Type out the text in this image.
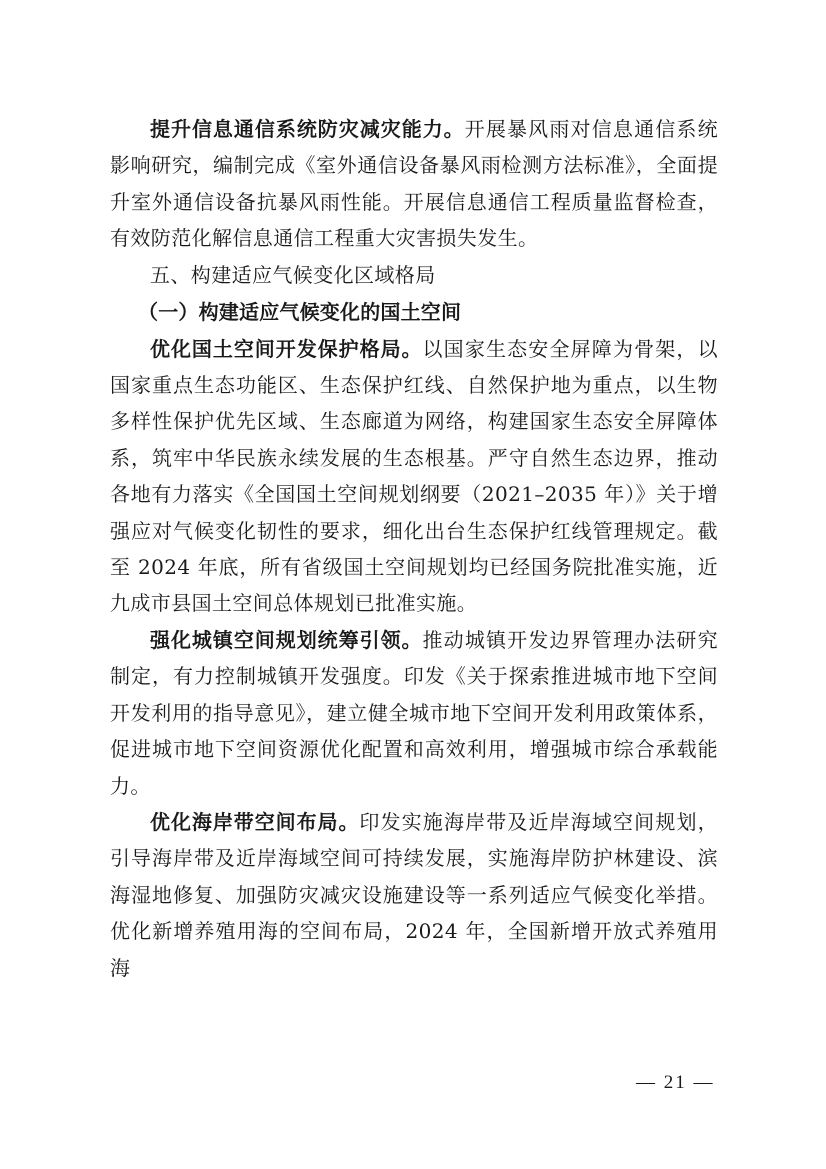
提升信息通信系统防灾减灾能力。开展暴风雨对信息通信系统影响研究，编制完成《室外通信设备暴风雨检测方法标准》，全面提升室外通信设备抗暴风雨性能。开展信息通信工程质量监督检查，有效防范化解信息通信工程重大灾害损失发生。

五、构建适应气候变化区域格局

（一）构建适应气候变化的国土空间

优化国土空间开发保护格局。以国家生态安全屏障为骨架，以国家重点生态功能区、生态保护红线、自然保护地为重点，以生物多样性保护优先区域、生态廊道为网络，构建国家生态安全屏障体系，筑牢中华民族永续发展的生态根基。严守自然生态边界，推动各地有力落实《全国国土空间规划纲要（2021–2035 年）》关于增强应对气候变化韧性的要求，细化出台生态保护红线管理规定。截至 2024 年底，所有省级国土空间规划均已经国务院批准实施，近九成市县国土空间总体规划已批准实施。

强化城镇空间规划统筹引领。推动城镇开发边界管理办法研究制定，有力控制城镇开发强度。印发《关于探索推进城市地下空间开发利用的指导意见》，建立健全城市地下空间开发利用政策体系，促进城市地下空间资源优化配置和高效利用，增强城市综合承载能力。

优化海岸带空间布局。印发实施海岸带及近岸海域空间规划，引导海岸带及近岸海域空间可持续发展，实施海岸防护林建设、滨海湿地修复、加强防灾减灾设施建设等一系列适应气候变化举措。优化新增养殖用海的空间布局，2024 年，全国新增开放式养殖用海

— 21 —
